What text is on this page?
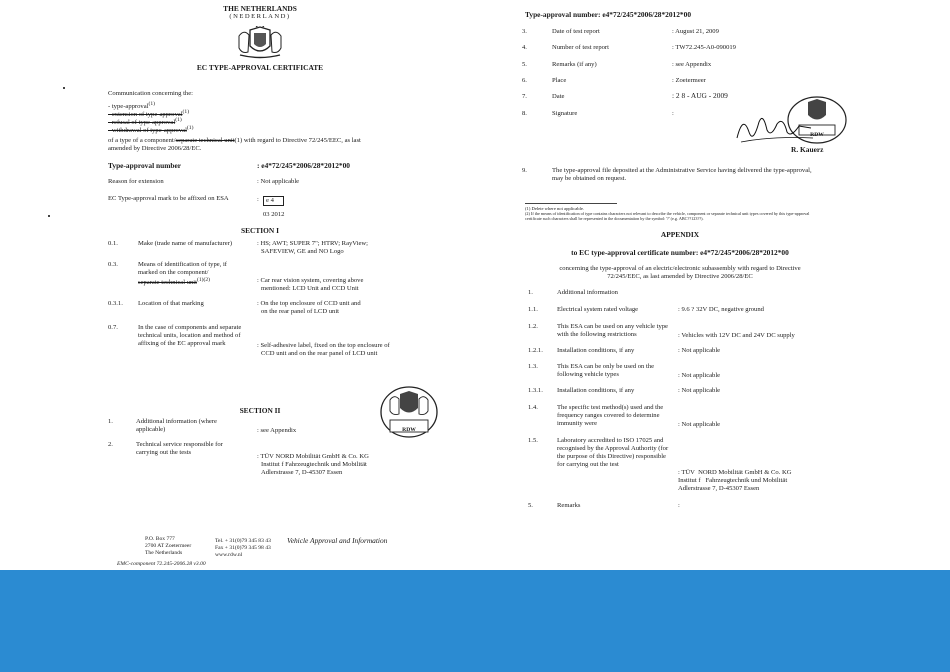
THE NETHERLANDS
(NEDERLAND)
EC TYPE-APPROVAL CERTIFICATE
Communication concerning the:
- type-approval$^{(1)}$
- extension of type-approval$^{(1)}$
- refusal of type-approval$^{(1)}$
- withdrawal of type-approval$^{(1)}$
of a type of a component/separate technical unit(1) with regard to Directive 72/245/EEC, as last
amended by Directive 2006/28/EC.
Type-approval number	: e4*72/245*2006/28*2012*00
Reason for extension	: Not applicable
EC Type-approval mark to be affixed on ESA	: e 4
03 2012
SECTION I
0.1.	Make (trade name of manufacturer)	: HS; AWT; SUPER 7"; HTRV; RayView;
SAFEVIEW, GE and NO Logo
0.3.	Means of identification of type, if
marked on the component/
separate technical unit$^{(1)(2)}$	: Car rear vision system, covering above
mentioned: LCD Unit and CCD Unit
0.3.1. Location of that marking	: On the top enclosure of CCD unit and
on the rear panel of LCD unit
0.7.	In the case of components and separate
technical units, location and method of
affixing of the EC approval mark	: Self-adhesive label, fixed on the top enclosure of
CCD unit and on the rear panel of LCD unit
RDW
SECTION II
1.	Additional information (where
applicable)	: see Appendix
2.	Technical service responsible for
carrying out the tests
: TÜV NORD Mobilität GmbH & Co. KG
Institut f Fahrzeugtechnik und Mobilität
Adlerstrasse 7, D-45307 Essen
P.O. Box 777
2700 AT Zoetermeer
The Netherlands
Tel. + 31(0)79 345 83 43
Fax + 31(0)79 345 98 43
www.rdw.nl
Vehicle Approval and Information
EMC-component 72.245-2006.28 v3.00
Type-approval number: e4*72/245*2006/28*2012*00
3.	Date of test report	: August 21, 2009
4.	Number of test report	: TW72.245-A0-090019
5.	Remarks (if any)	: see Appendix
6.	Place	: Zoetermeer
7.	Date	: 2 8 - AUG - 2009
8.	Signature	:
RDW
R. Kauerz
9.	The type-approval file deposited at the Administrative Service having delivered the type-approval, may be obtained on request.
(1) Delete where not applicable.
(2) If the means of identification of type contains characters not relevant to describe the vehicle, component or separate technical unit types covered by this type-approval certificate such characters shall be represented in the documentation by the symbol: '?' (e.g. ABC??123??).
APPENDIX
to EC type-approval certificate number: e4*72/245*2006/28*2012*00
concerning the type-approval of an electric/electronic subassembly with regard to Directive 72/245/EEC, as last amended by Directive 2006/28/EC
1.	Additional information
1.1.	Electrical system rated voltage	: 9.6 ? 32V DC, negative ground
1.2.	This ESA can be used on any vehicle type with the following restrictions	: Vehicles with 12V DC and 24V DC supply
1.2.1. Installation conditions, if any	: Not applicable
1.3.	This ESA can be only be used on the following vehicle types	: Not applicable
1.3.1. Installation conditions, if any	: Not applicable
1.4.	The specific test method(s) used and the frequency ranges covered to determine immunity were	: Not applicable
1.5.	Laboratory accredited to ISO 17025 and recognised by the Approval Authority (for the purpose of this Directive) responsible for carrying out the test
: TÜV  NORD Mobilität GmbH & Co. KG
Institut f   Fahrzeugtechnik und Mobilität
Adlerstrasse 7, D-45307 Essen
5.	Remarks	:
